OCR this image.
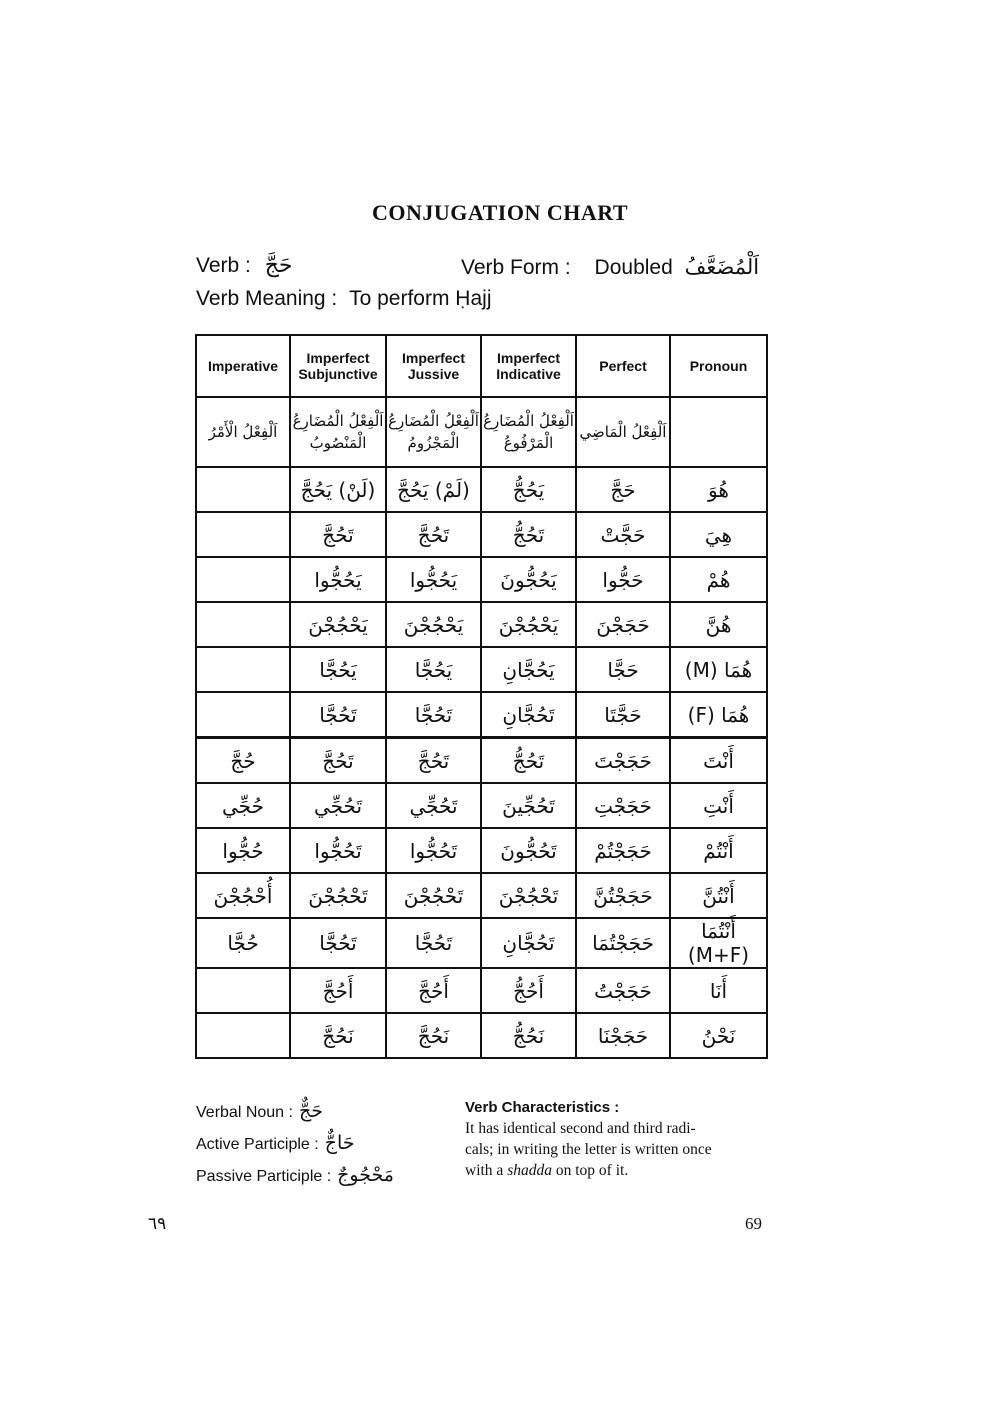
CONJUGATION CHART
Verb : حَجَّ	Verb Form : Doubled اَلْمُضَعَّفُ
Verb Meaning : To perform Ḥajj
Imperative	Imperfect Subjunctive	Imperfect Jussive	Imperfect Indicative	Perfect	Pronoun
اَلْفِعْلُ الْأَمْرُ	اَلْفِعْلُ الْمُضَارِعُ الْمَنْصُوبُ	اَلْفِعْلُ الْمُضَارِعُ الْمَجْزُومُ	اَلْفِعْلُ الْمُضَارِعُ الْمَرْفُوعُ	اَلْفِعْلُ الْمَاضِي	
	(لَنْ) يَحُجَّ	(لَمْ) يَحُجَّ	يَحُجُّ	حَجَّ	هُوَ
	تَحُجَّ	تَحُجَّ	تَحُجُّ	حَجَّتْ	هِيَ
	يَحُجُّوا	يَحُجُّوا	يَحُجُّونَ	حَجُّوا	هُمْ
	يَحْجُجْنَ	يَحْجُجْنَ	يَحْجُجْنَ	حَجَجْنَ	هُنَّ
	يَحُجَّا	يَحُجَّا	يَحُجَّانِ	حَجَّا	هُمَا (M)
	تَحُجَّا	تَحُجَّا	تَحُجَّانِ	حَجَّتَا	هُمَا (F)
حُجَّ	تَحُجَّ	تَحُجَّ	تَحُجُّ	حَجَجْتَ	أَنْتَ
حُجِّي	تَحُجِّي	تَحُجِّي	تَحُجِّينَ	حَجَجْتِ	أَنْتِ
حُجُّوا	تَحُجُّوا	تَحُجُّوا	تَحُجُّونَ	حَجَجْتُمْ	أَنْتُمْ
أُحْجُجْنَ	تَحْجُجْنَ	تَحْجُجْنَ	تَحْجُجْنَ	حَجَجْتُنَّ	أَنْتُنَّ
حُجَّا	تَحُجَّا	تَحُجَّا	تَحُجَّانِ	حَجَجْتُمَا	أَنْتُمَا (M+F)
	أَحُجَّ	أَحُجَّ	أَحُجُّ	حَجَجْتُ	أَنَا
	نَحُجَّ	نَحُجَّ	نَحُجُّ	حَجَجْنَا	نَحْنُ
Verbal Noun : حَجٌّ
Active Participle : حَاجٌّ
Passive Participle : مَحْجُوجٌ
Verb Characteristics :
It has identical second and third radi-
cals; in writing the letter is written once
with a shadda on top of it.
٦٩	69
